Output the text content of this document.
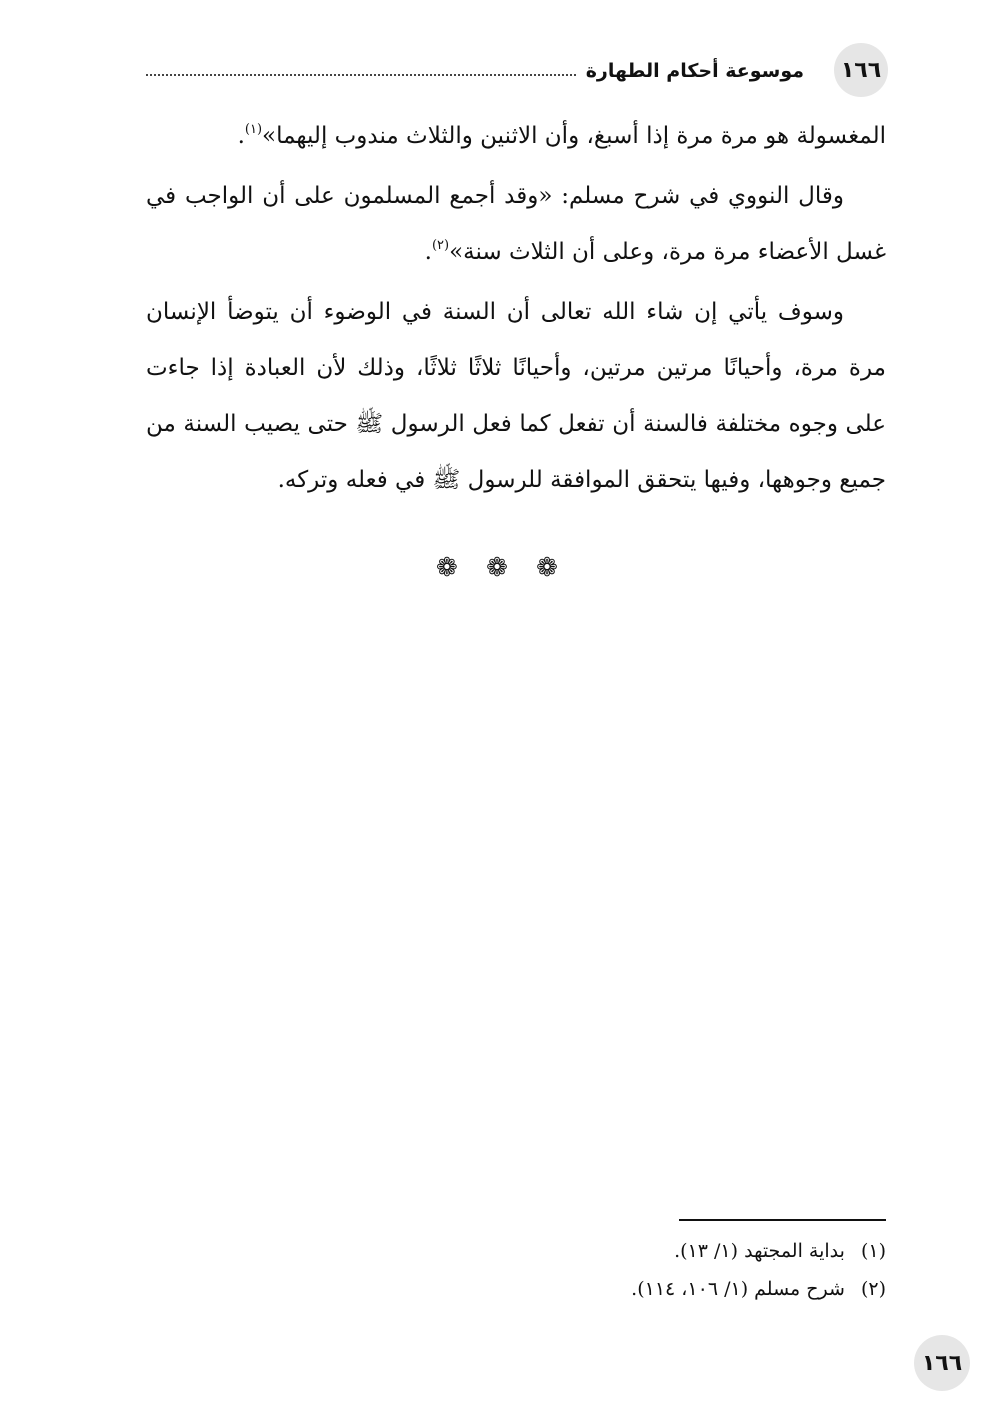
١٦٦
موسوعة أحكام الطهارة

المغسولة هو مرة مرة إذا أسبغ، وأن الاثنين والثلاث مندوب إليهما»$^{(١)}$.

وقال النووي في شرح مسلم: «وقد أجمع المسلمون على أن الواجب في غسل الأعضاء مرة مرة، وعلى أن الثلاث سنة»$^{(٢)}$.

وسوف يأتي إن شاء الله تعالى أن السنة في الوضوء أن يتوضأ الإنسان مرة مرة، وأحيانًا مرتين مرتين، وأحيانًا ثلاثًا ثلاثًا، وذلك لأن العبادة إذا جاءت على وجوه مختلفة فالسنة أن تفعل كما فعل الرسول ﷺ حتى يصيب السنة من جميع وجوهها، وفيها يتحقق الموافقة للرسول ﷺ في فعله وتركه.

❁ ❁ ❁
(١)
بداية المجتهد (١/ ١٣).
(٢)
شرح مسلم (١/ ١٠٦، ١١٤).
١٦٦
